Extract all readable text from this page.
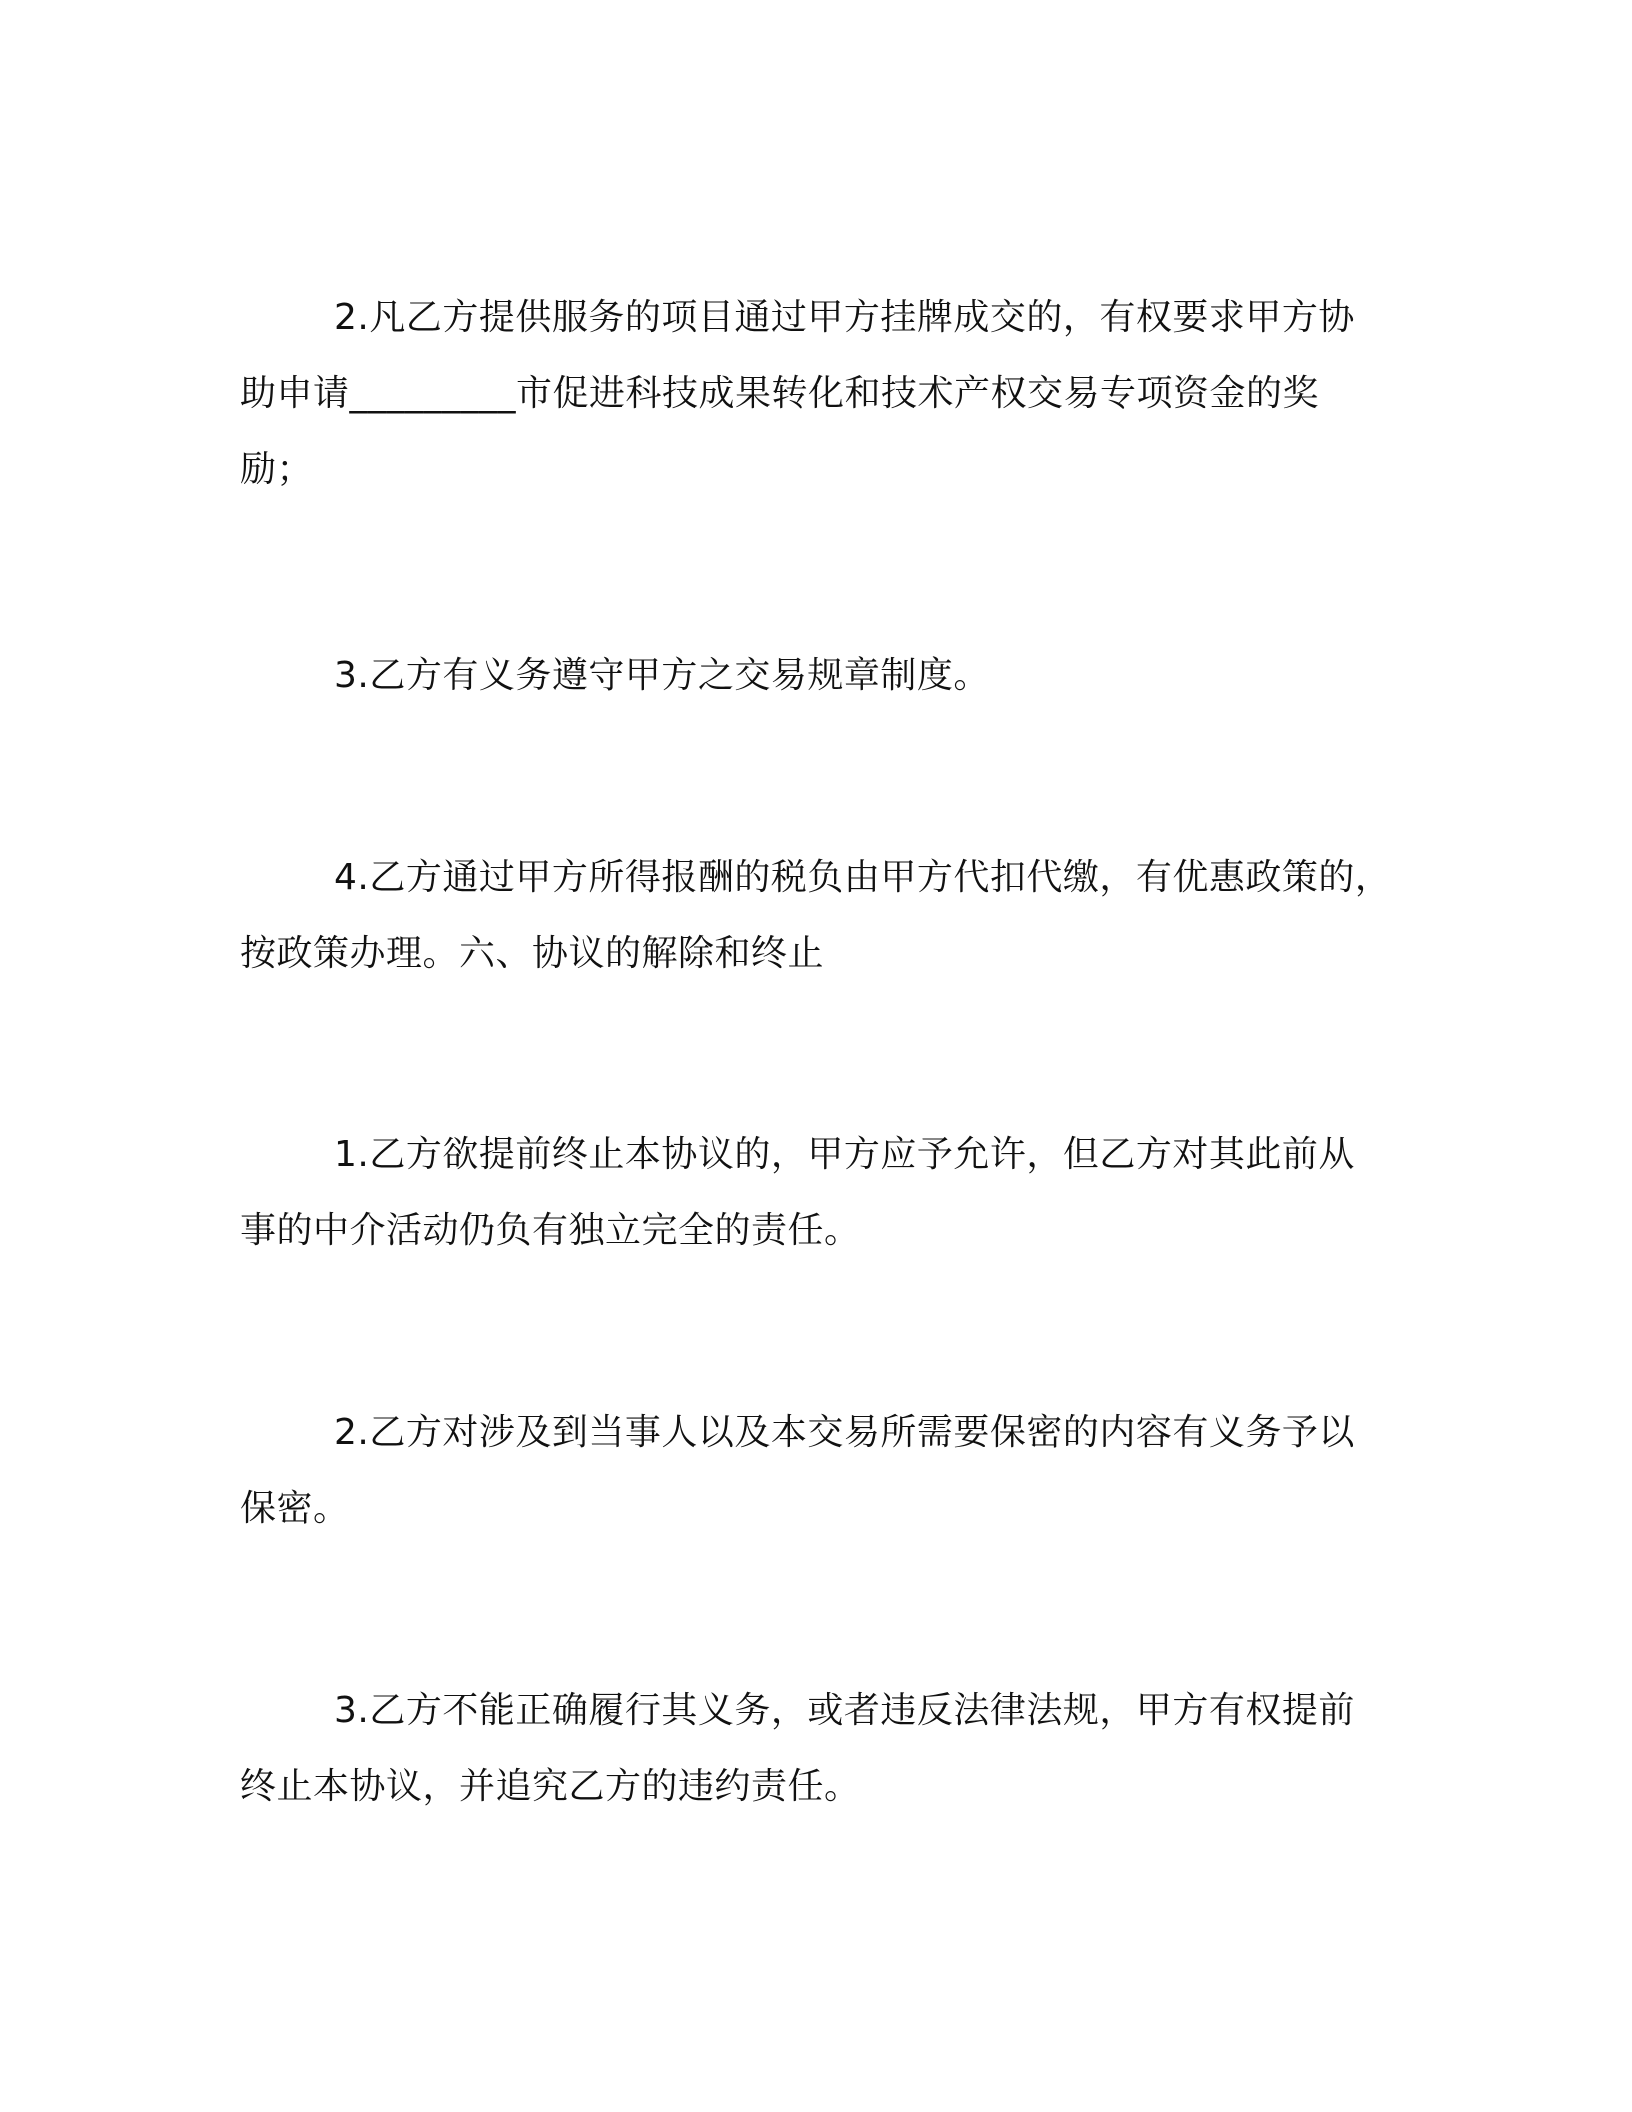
2.凡乙方提供服务的项目通过甲方挂牌成交的，有权要求甲方协
助申请_________市促进科技成果转化和技术产权交易专项资金的奖
励；
3.乙方有义务遵守甲方之交易规章制度。
4.乙方通过甲方所得报酬的税负由甲方代扣代缴，有优惠政策的，
按政策办理。六、协议的解除和终止
1.乙方欲提前终止本协议的，甲方应予允许，但乙方对其此前从
事的中介活动仍负有独立完全的责任。
2.乙方对涉及到当事人以及本交易所需要保密的内容有义务予以
保密。
3.乙方不能正确履行其义务，或者违反法律法规，甲方有权提前
终止本协议，并追究乙方的违约责任。
